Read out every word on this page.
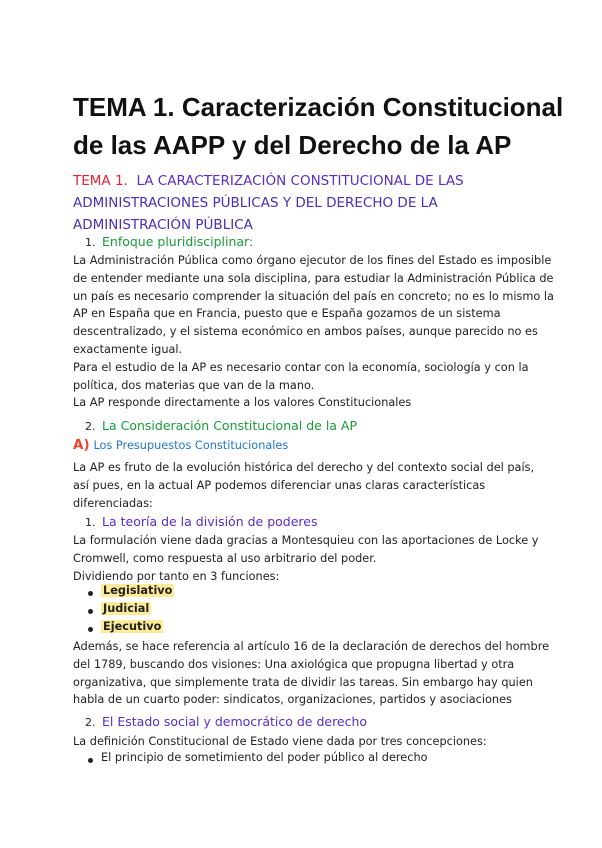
TEMA 1. Caracterización Constitucional
de las AAPP y del Derecho de la AP
TEMA 1. LA CARACTERIZACIÓN CONSTITUCIONAL DE LAS
ADMINISTRACIONES PÚBLICAS Y DEL DERECHO DE LA
ADMINISTRACIÓN PÚBLICA
1. Enfoque pluridisciplinar:
La Administración Pública como órgano ejecutor de los fines del Estado es imposible
de entender mediante una sola disciplina, para estudiar la Administración Pública de
un país es necesario comprender la situación del país en concreto; no es lo mismo la
AP en España que en Francia, puesto que e España gozamos de un sistema
descentralizado, y el sistema económico en ambos países, aunque parecido no es
exactamente igual.
Para el estudio de la AP es necesario contar con la economía, sociología y con la
política, dos materias que van de la mano.
La AP responde directamente a los valores Constitucionales
2. La Consideración Constitucional de la AP
A) Los Presupuestos Constitucionales
La AP es fruto de la evolución histórica del derecho y del contexto social del país,
así pues, en la actual AP podemos diferenciar unas claras características
diferenciadas:
1. La teoría de la división de poderes
La formulación viene dada gracias a Montesquieu con las aportaciones de Locke y
Cromwell, como respuesta al uso arbitrario del poder.
Dividiendo por tanto en 3 funciones:
Legislativo
Judicial
Ejecutivo
Además, se hace referencia al artículo 16 de la declaración de derechos del hombre
del 1789, buscando dos visiones: Una axiológica que propugna libertad y otra
organizativa, que simplemente trata de dividir las tareas. Sin embargo hay quien
habla de un cuarto poder: sindicatos, organizaciones, partidos y asociaciones
2. El Estado social y democrático de derecho
La definición Constitucional de Estado viene dada por tres concepciones:
El principio de sometimiento del poder público al derecho
